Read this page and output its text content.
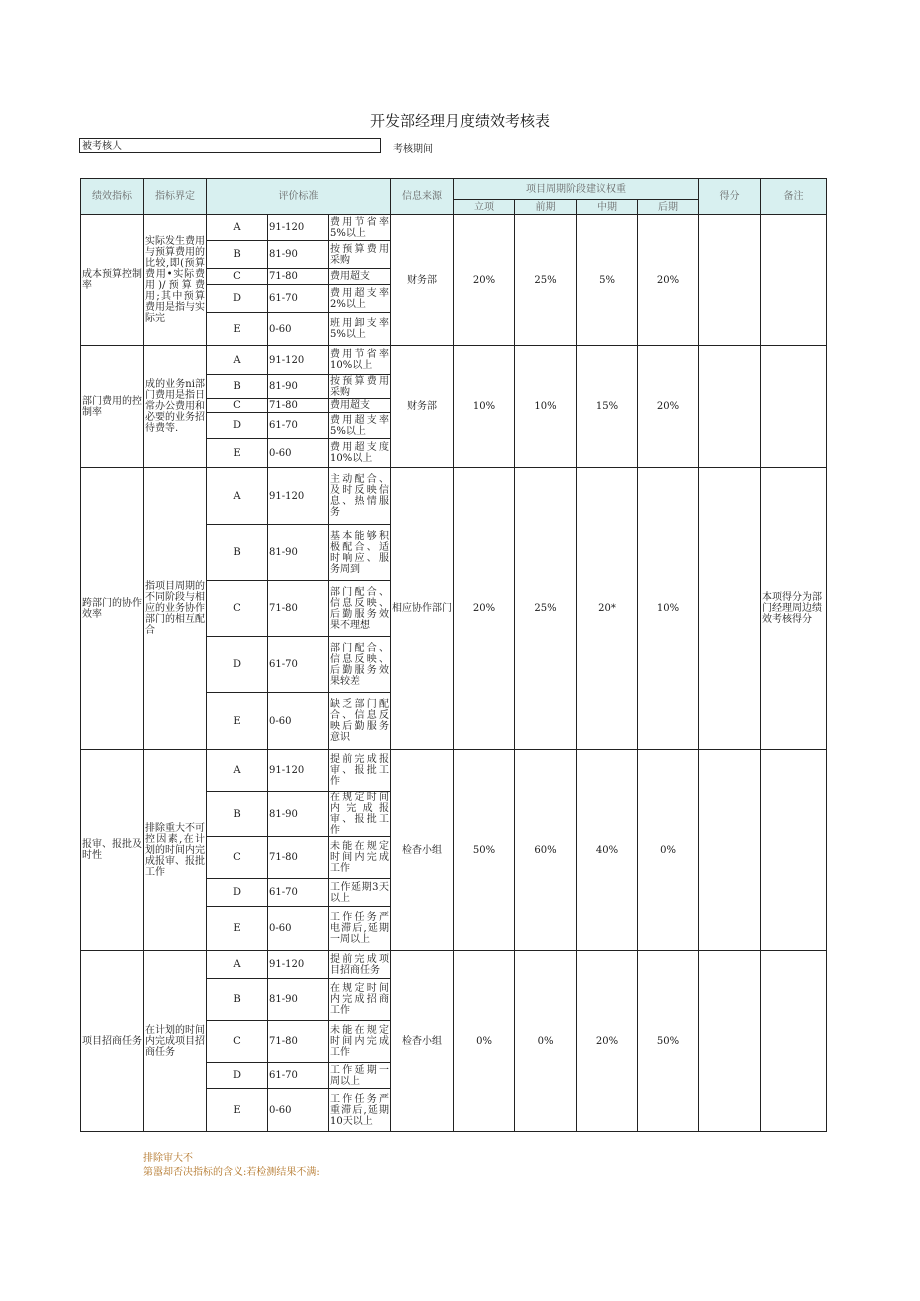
开发部经理月度绩效考核表
被考核人	考核期间
绩效指标	指标界定	评价标准			信息来源	项目周期阶段建议权重				得分	备注
						立项	前期	中期	后期		
成本预算控制率	实际发生费用与预算费用的比较,即(预算费用•实际费用)/预算费用;其中预算费用是指与实际完	A	91-120	费用节省率5%以上	财务部	20%	25%	5%	20%		
		B	81-90	按预算费用采购							
		C	71-80	费用超支							
		D	61-70	费用超支率2%以上							
		E	0-60	班用卸支率5%以上							
部门费用的控制率	成的业务ni部门费用是指日常办公费用和必要的业务招待费等.	A	91-120	费用节省率10%以上	财务部	10%	10%	15%	20%		
		B	81-90	按预算费用采购							
		C	71-80	费用超支							
		D	61-70	费用超支率5%以上							
		E	0-60	费用超支度10%以上							
跨部门的协作效率	指项目周期的不同阶段与相应的业务协作部门的相互配合	A	91-120	主动配合、及时反映信息、热情服务	相应协作部门	20%	25%	20*	10%		本项得分为部门经理周边绩效考核得分
		B	81-90	基本能够积极配合、适时响应、服务周到							
		C	71-80	部门配合、信息反映、后勤服务效果不理想							
		D	61-70	部门配合、信息反映、后勤服务效果较差							
		E	0-60	缺乏部门配合、信息反映后勤服务意识							
报审、报批及时性	排除重大不可控因素,在计划的时间内完成报审、报批工作	A	91-120	提前完成报审、报批工作	检杳小组	50%	60%	40%	0%		
		B	81-90	在规定时间内完成报审、报批工作							
		C	71-80	未能在规定时间内完成工作							
		D	61-70	工作延期3天以上							
		E	0-60	工作任务严电滞后,延期一周以上							
项目招商任务	在计划的时间内完成项目招商任务	A	91-120	提前完成项目招商任务	检杳小组	0%	0%	20%	50%		
		B	81-90	在规定时间内完成招商工作							
		C	71-80	未能在规定时间内完成工作							
		D	61-70	工作延期一周以上							
		E	0-60	工作任务严重滞后,延期10天以上							
排除审大不
第嚣却否决指标的含义:若检测结果不满:
